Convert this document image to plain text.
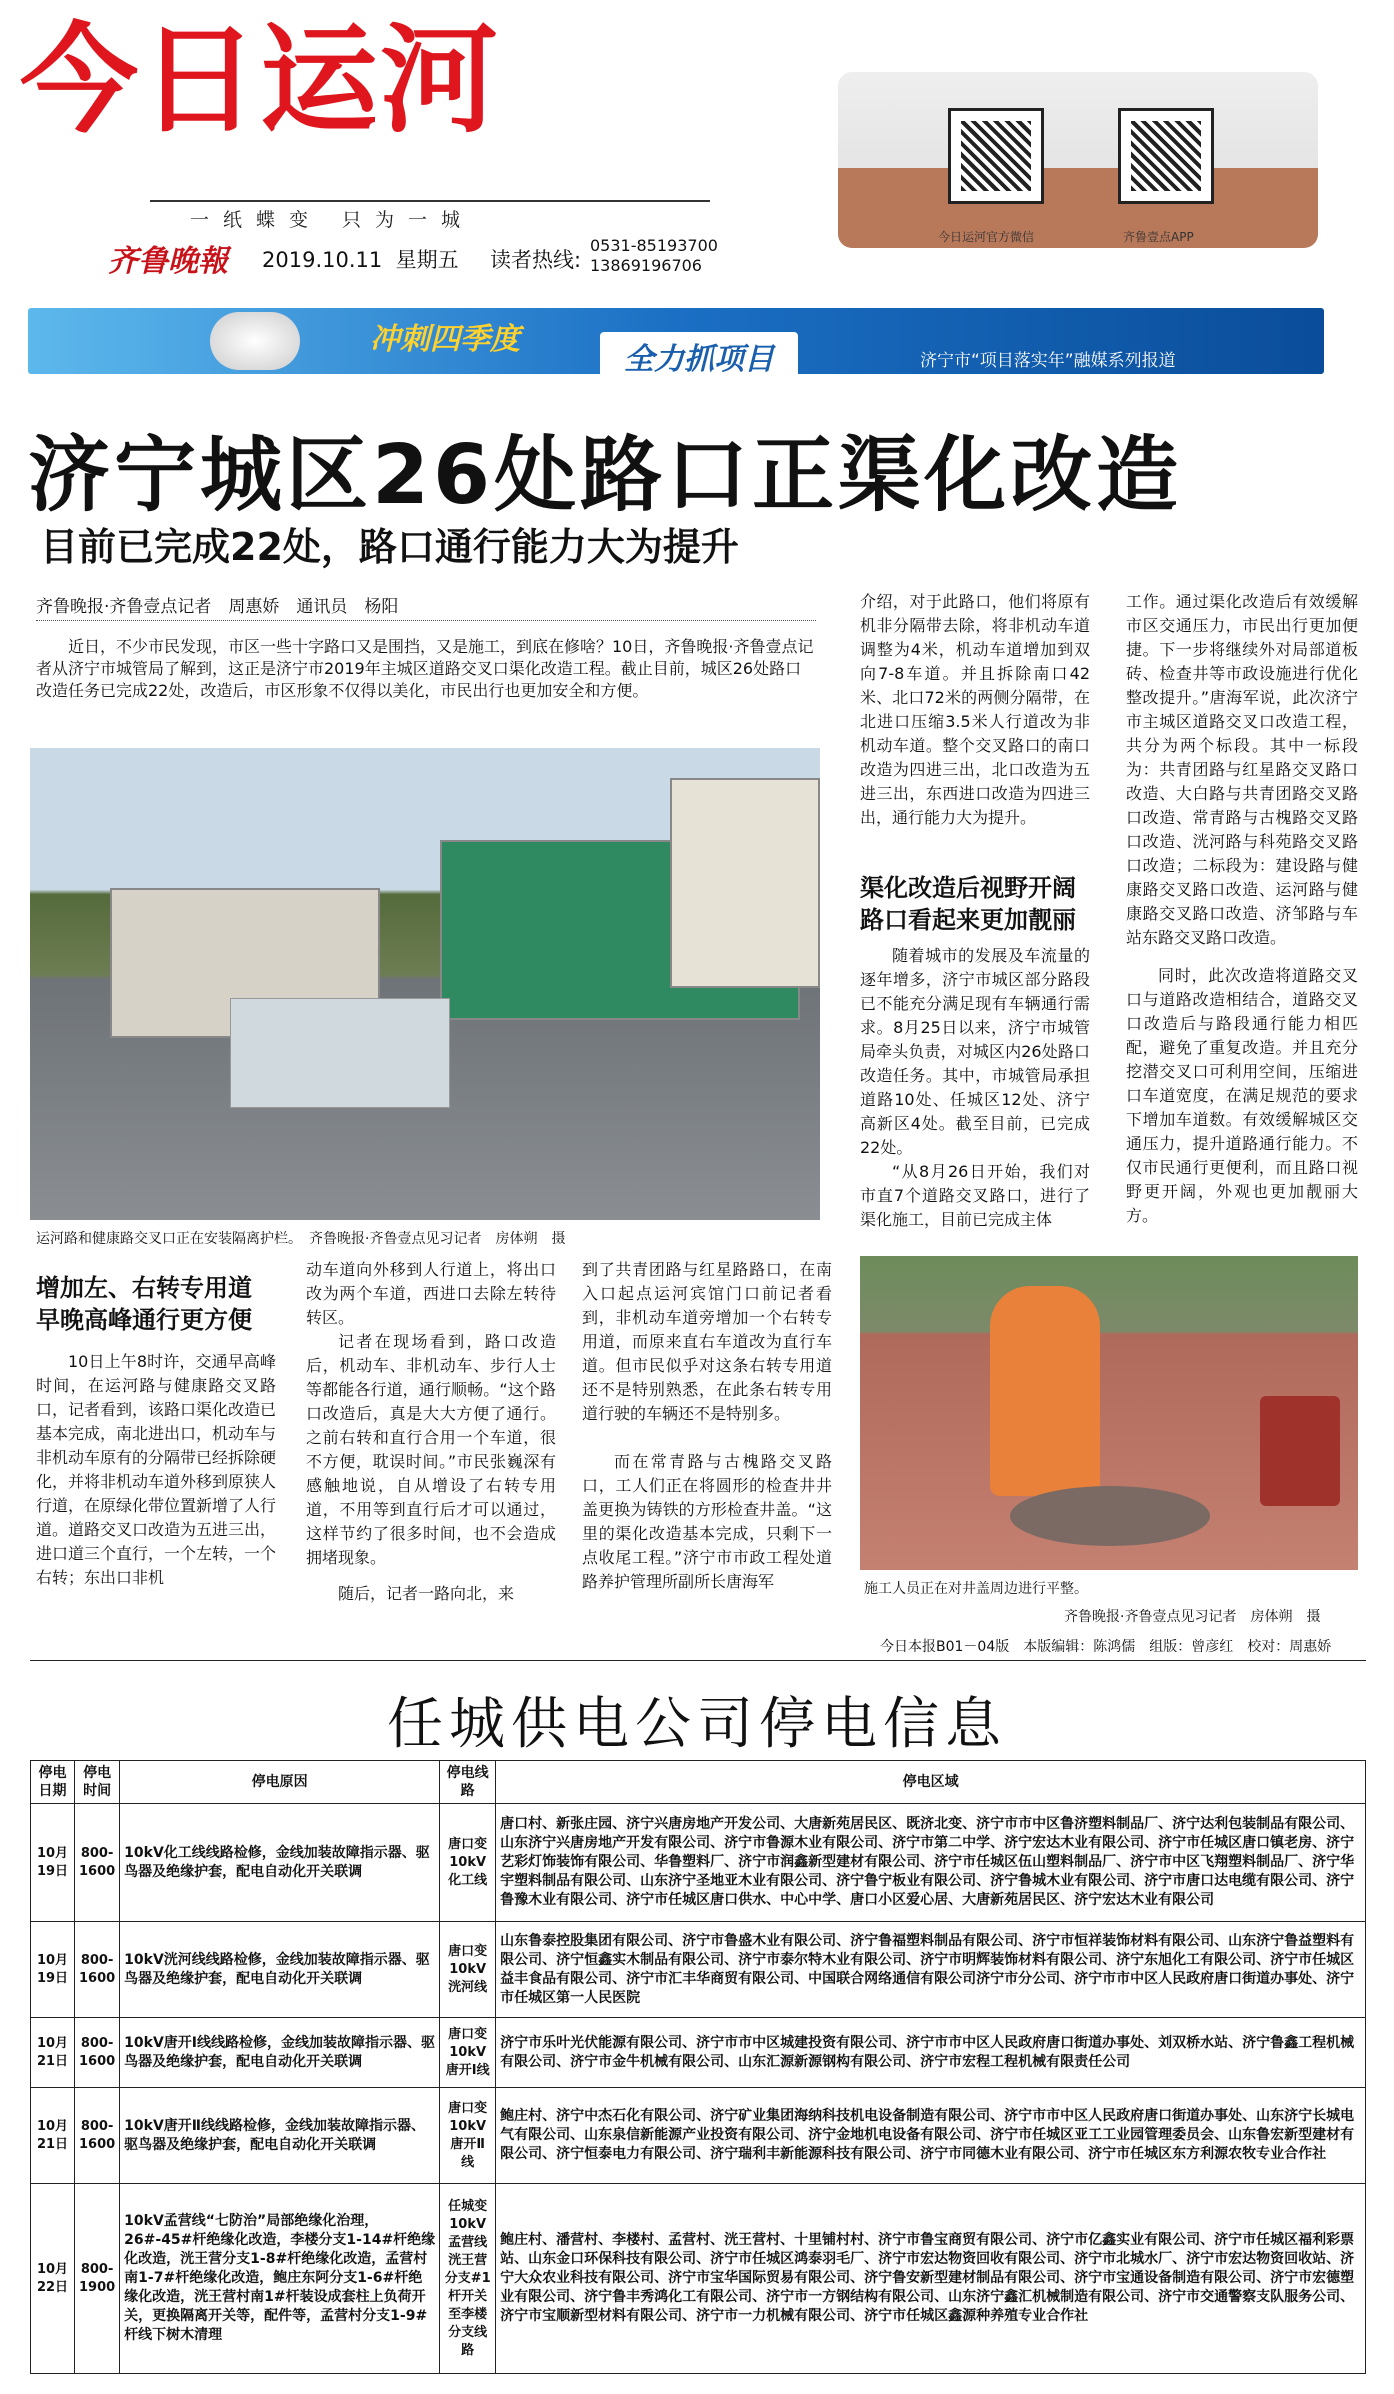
今日运河
一纸蝶变 只为一城
齐鲁晚報 2019.10.11 星期五 读者热线:
0531-85193700
13869196706
今日运河官方微信	齐鲁壹点APP
冲刺四季度
全力抓项目	济宁市“项目落实年”融媒系列报道
济宁城区26处路口正渠化改造
目前已完成22处，路口通行能力大为提升
齐鲁晚报·齐鲁壹点记者　周惠娇　通讯员　杨阳
近日，不少市民发现，市区一些十字路口又是围挡，又是施工，到底在修啥？10日，齐鲁晚报·齐鲁壹点记者从济宁市城管局了解到，这正是济宁市2019年主城区道路交叉口渠化改造工程。截止目前，城区26处路口改造任务已完成22处，改造后，市区形象不仅得以美化，市民出行也更加安全和方便。
运河路和健康路交叉口正在安装隔离护栏。　齐鲁晚报·齐鲁壹点见习记者　房体朔　摄
介绍，对于此路口，他们将原有机非分隔带去除，将非机动车道调整为4米，机动车道增加到双向7-8车道。并且拆除南口42米、北口72米的两侧分隔带，在北进口压缩3.5米人行道改为非机动车道。整个交叉路口的南口改造为四进三出，北口改造为五进三出，东西进口改造为四进三出，通行能力大为提升。
渠化改造后视野开阔
路口看起来更加靓丽
随着城市的发展及车流量的逐年增多，济宁市城区部分路段已不能充分满足现有车辆通行需求。8月25日以来，济宁市城管局牵头负责，对城区内26处路口改造任务。其中，市城管局承担道路10处、任城区12处、济宁高新区4处。截至目前，已完成22处。
“从8月26日开始，我们对市直7个道路交叉路口，进行了渠化施工，目前已完成主体
工作。通过渠化改造后有效缓解市区交通压力，市民出行更加便捷。下一步将继续外对局部道板砖、检查井等市政设施进行优化整改提升。”唐海军说，此次济宁市主城区道路交叉口改造工程，共分为两个标段。其中一标段为：共青团路与红星路交叉路口改造、大白路与共青团路交叉路口改造、常青路与古槐路交叉路口改造、洸河路与科苑路交叉路口改造；二标段为：建设路与健康路交叉路口改造、运河路与健康路交叉路口改造、济邹路与车站东路交叉路口改造。
同时，此次改造将道路交叉口与道路改造相结合，道路交叉口改造后与路段通行能力相匹配，避免了重复改造。并且充分挖潜交叉口可利用空间，压缩进口车道宽度，在满足规范的要求下增加车道数。有效缓解城区交通压力，提升道路通行能力。不仅市民通行更便利，而且路口视野更开阔，外观也更加靓丽大方。
增加左、右转专用道
早晚高峰通行更方便
10日上午8时许，交通早高峰时间，在运河路与健康路交叉路口，记者看到，该路口渠化改造已基本完成，南北进出口，机动车与非机动车原有的分隔带已经拆除硬化，并将非机动车道外移到原狭人行道，在原绿化带位置新增了人行道。道路交叉口改造为五进三出，进口道三个直行，一个左转，一个右转；东出口非机
动车道向外移到人行道上，将出口改为两个车道，西进口去除左转待转区。
记者在现场看到，路口改造后，机动车、非机动车、步行人士等都能各行道，通行顺畅。“这个路口改造后，真是大大方便了通行。之前右转和直行合用一个车道，很不方便，耽误时间。”市民张巍深有感触地说，自从增设了右转专用道，不用等到直行后才可以通过，这样节约了很多时间，也不会造成拥堵现象。
随后，记者一路向北，来
到了共青团路与红星路路口，在南入口起点运河宾馆门口前记者看到，非机动车道旁增加一个右转专用道，而原来直右车道改为直行车道。但市民似乎对这条右转专用道还不是特别熟悉，在此条右转专用道行驶的车辆还不是特别多。
而在常青路与古槐路交叉路口，工人们正在将圆形的检查井井盖更换为铸铁的方形检查井盖。“这里的渠化改造基本完成，只剩下一点收尾工程。”济宁市市政工程处道路养护管理所副所长唐海军	施工人员正在对井盖周边进行平整。
齐鲁晚报·齐鲁壹点见习记者　房体朔　摄
今日本报B01－04版　本版编辑：陈鸿儒　组版：曾彦红　校对：周惠娇
任城供电公司停电信息
停电日期	停电时间	停电原因	停电线路	停电区域
10月19日	800-1600	10kV化工线线路检修，金线加装故障指示器、驱鸟器及绝缘护套，配电自动化开关联调	唐口变10kV化工线	唐口村、新张庄园、济宁兴唐房地产开发公司、大唐新苑居民区、既济北变、济宁市市中区鲁济塑料制品厂、济宁达利包装制品有限公司、山东济宁兴唐房地产开发有限公司、济宁市鲁源木业有限公司、济宁市第二中学、济宁宏达木业有限公司、济宁市任城区唐口镇老房、济宁艺彩灯饰装饰有限公司、华鲁塑料厂、济宁市润鑫新型建材有限公司、济宁市任城区伍山塑料制品厂、济宁市中区飞翔塑料制品厂、济宁华宇塑料制品有限公司、山东济宁圣地亚木业有限公司、济宁鲁宁板业有限公司、济宁鲁城木业有限公司、济宁市唐口达电缆有限公司、济宁鲁豫木业有限公司、济宁市任城区唐口供水、中心中学、唐口小区爱心居、大唐新苑居民区、济宁宏达木业有限公司
10月19日	800-1600	10kV洸河线线路检修，金线加装故障指示器、驱鸟器及绝缘护套，配电自动化开关联调	唐口变10kV洸河线	山东鲁泰控股集团有限公司、济宁市鲁盛木业有限公司、济宁鲁福塑料制品有限公司、济宁市恒祥装饰材料有限公司、山东济宁鲁益塑料有限公司、济宁恒鑫实木制品有限公司、济宁市泰尔特木业有限公司、济宁市明辉装饰材料有限公司、济宁东旭化工有限公司、济宁市任城区益丰食品有限公司、济宁市汇丰华商贸有限公司、中国联合网络通信有限公司济宁市分公司、济宁市市中区人民政府唐口街道办事处、济宁市任城区第一人民医院
10月21日	800-1600	10kV唐开Ⅰ线线路检修，金线加装故障指示器、驱鸟器及绝缘护套，配电自动化开关联调	唐口变10kV唐开Ⅰ线	济宁市乐叶光伏能源有限公司、济宁市市中区城建投资有限公司、济宁市市中区人民政府唐口街道办事处、刘双桥水站、济宁鲁鑫工程机械有限公司、济宁市金牛机械有限公司、山东汇源新源钢构有限公司、济宁市宏程工程机械有限责任公司
10月21日	800-1600	10kV唐开Ⅱ线线路检修，金线加装故障指示器、驱鸟器及绝缘护套，配电自动化开关联调	唐口变10kV唐开Ⅱ线	鲍庄村、济宁中杰石化有限公司、济宁矿业集团海纳科技机电设备制造有限公司、济宁市市中区人民政府唐口街道办事处、山东济宁长城电气有限公司、山东泉信新能源产业投资有限公司、济宁金地机电设备有限公司、济宁市任城区亚工工业园管理委员会、山东鲁宏新型建材有限公司、济宁恒泰电力有限公司、济宁瑞利丰新能源科技有限公司、济宁市同德木业有限公司、济宁市任城区东方利源农牧专业合作社
10月22日	800-1900	10kV孟营线“七防治”局部绝缘化治理，26#-45#杆绝缘化改造，李楼分支1-14#杆绝缘化改造，洸王营分支1-8#杆绝缘化改造，孟营村南1-7#杆绝缘化改造，鲍庄东阿分支1-6#杆绝缘化改造，洸王营村南1#杆装设成套柱上负荷开关，更换隔离开关等，配件等，孟营村分支1-9#杆线下树木清理	任城变10kV孟营线洸王营分支#1杆开关至李楼分支线路	鲍庄村、潘营村、李楼村、孟营村、洸王营村、十里铺村村、济宁市鲁宝商贸有限公司、济宁市亿鑫实业有限公司、济宁市任城区福利彩票站、山东金口环保科技有限公司、济宁市任城区鸿泰羽毛厂、济宁市宏达物资回收有限公司、济宁市北城水厂、济宁市宏达物资回收站、济宁大众农业科技有限公司、济宁市宝华国际贸易有限公司、济宁鲁安新型建材制品有限公司、济宁市宝通设备制造有限公司、济宁市宏德塑业有限公司、济宁鲁丰秀鸿化工有限公司、济宁市一方钢结构有限公司、山东济宁鑫汇机械制造有限公司、济宁市交通警察支队服务公司、济宁市宝顺新型材料有限公司、济宁市一力机械有限公司、济宁市任城区鑫源种养殖专业合作社
